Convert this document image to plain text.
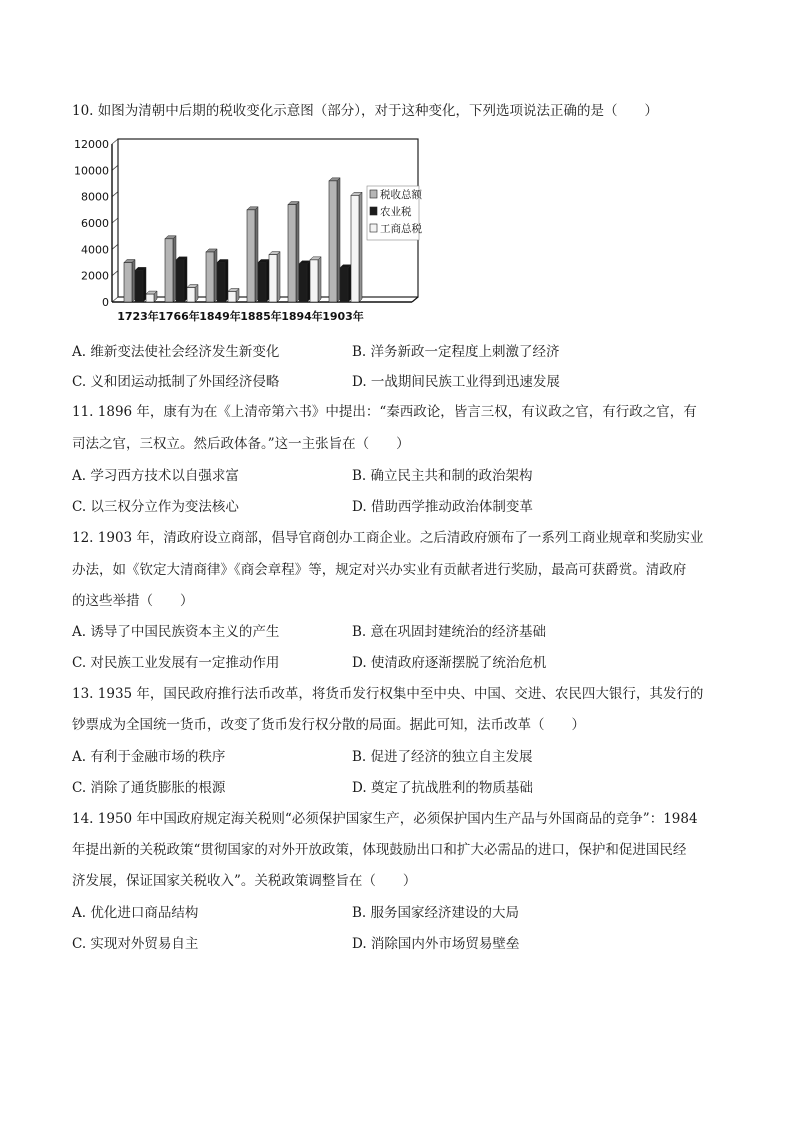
10. 如图为清朝中后期的税收变化示意图（部分），对于这种变化，下列选项说法正确的是（　　）
0
2000
4000
6000
8000
10000
12000
1723年 1766年 1849年 1885年 1894年 1903年
税收总额
农业税
工商总税
A. 维新变法使社会经济发生新变化	B. 洋务新政一定程度上刺激了经济
C. 义和团运动抵制了外国经济侵略	D. 一战期间民族工业得到迅速发展
11. 1896 年，康有为在《上清帝第六书》中提出：“秦西政论，皆言三权，有议政之官，有行政之官，有
司法之官，三权立。然后政体备。”这一主张旨在（　　）
A. 学习西方技术以自强求富	B. 确立民主共和制的政治架构
C. 以三权分立作为变法核心	D. 借助西学推动政治体制变革
12. 1903 年，清政府设立商部，倡导官商创办工商企业。之后清政府颁布了一系列工商业规章和奖励实业
办法，如《钦定大清商律》《商会章程》等，规定对兴办实业有贡献者进行奖励，最高可获爵赏。清政府
的这些举措（　　）
A. 诱导了中国民族资本主义的产生	B. 意在巩固封建统治的经济基础
C. 对民族工业发展有一定推动作用	D. 使清政府逐渐摆脱了统治危机
13. 1935 年，国民政府推行法币改革，将货币发行权集中至中央、中国、交进、农民四大银行，其发行的
钞票成为全国统一货币，改变了货币发行权分散的局面。据此可知，法币改革（　　）
A. 有利于金融市场的秩序	B. 促进了经济的独立自主发展
C. 消除了通货膨胀的根源	D. 奠定了抗战胜利的物质基础
14. 1950 年中国政府规定海关税则“必须保护国家生产，必须保护国内生产品与外国商品的竞争”：1984
年提出新的关税政策“贯彻国家的对外开放政策，体现鼓励出口和扩大必需品的进口，保护和促进国民经
济发展，保证国家关税收入”。关税政策调整旨在（　　）
A. 优化进口商品结构	B. 服务国家经济建设的大局
C. 实现对外贸易自主	D. 消除国内外市场贸易壁垒
